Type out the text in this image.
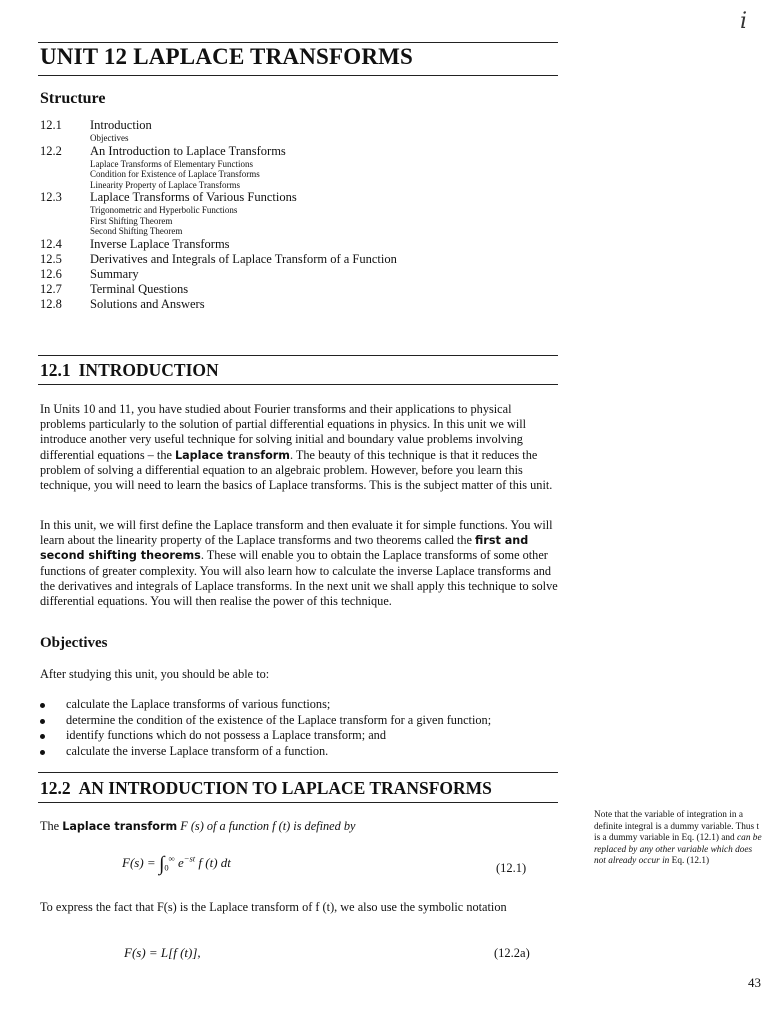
ⅰ
UNIT 12 LAPLACE TRANSFORMS
Structure
12.1	Introduction
Objectives
12.2	An Introduction to Laplace Transforms
Laplace Transforms of Elementary Functions
Condition for Existence of Laplace Transforms
Linearity Property of Laplace Transforms
12.3	Laplace Transforms of Various Functions
Trigonometric and Hyperbolic Functions
First Shifting Theorem
Second Shifting Theorem
12.4	Inverse Laplace Transforms
12.5	Derivatives and Integrals of Laplace Transform of a Function
12.6	Summary
12.7	Terminal Questions
12.8	Solutions and Answers
12.1 INTRODUCTION

In Units 10 and 11, you have studied about Fourier transforms and their applications to physical problems particularly to the solution of partial differential equations in physics. In this unit we will introduce another very useful technique for solving initial and boundary value problems involving differential equations – the Laplace transform. The beauty of this technique is that it reduces the problem of solving a differential equation to an algebraic problem. However, before you learn this technique, you will need to learn the basics of Laplace transforms. This is the subject matter of this unit.

In this unit, we will first define the Laplace transform and then evaluate it for simple functions. You will learn about the linearity property of the Laplace transforms and two theorems called the first and second shifting theorems. These will enable you to obtain the Laplace transforms of some other functions of greater complexity. You will also learn how to calculate the inverse Laplace transforms and the derivatives and integrals of Laplace transforms. In the next unit we shall apply this technique to solve differential equations. You will then realise the power of this technique.

Objectives
After studying this unit, you should be able to:
calculate the Laplace transforms of various functions;
determine the condition of the existence of the Laplace transform for a given function;
identify functions which do not possess a Laplace transform; and
calculate the inverse Laplace transform of a function.
12.2 AN INTRODUCTION TO LAPLACE TRANSFORMS
The Laplace transform F (s) of a function f (t) is defined by
$F(s) = \int_0^\infty$ $e^{-st}$ f (t) dt	(12.1)
To express the fact that F(s) is the Laplace transform of f (t), we also use the symbolic notation
F(s) = L[f (t)],	(12.2a)
Note that the variable of integration in a definite integral is a dummy variable. Thus t is a dummy variable in Eq. (12.1) and can be replaced by any other variable which does not already occur in Eq. (12.1)
43
